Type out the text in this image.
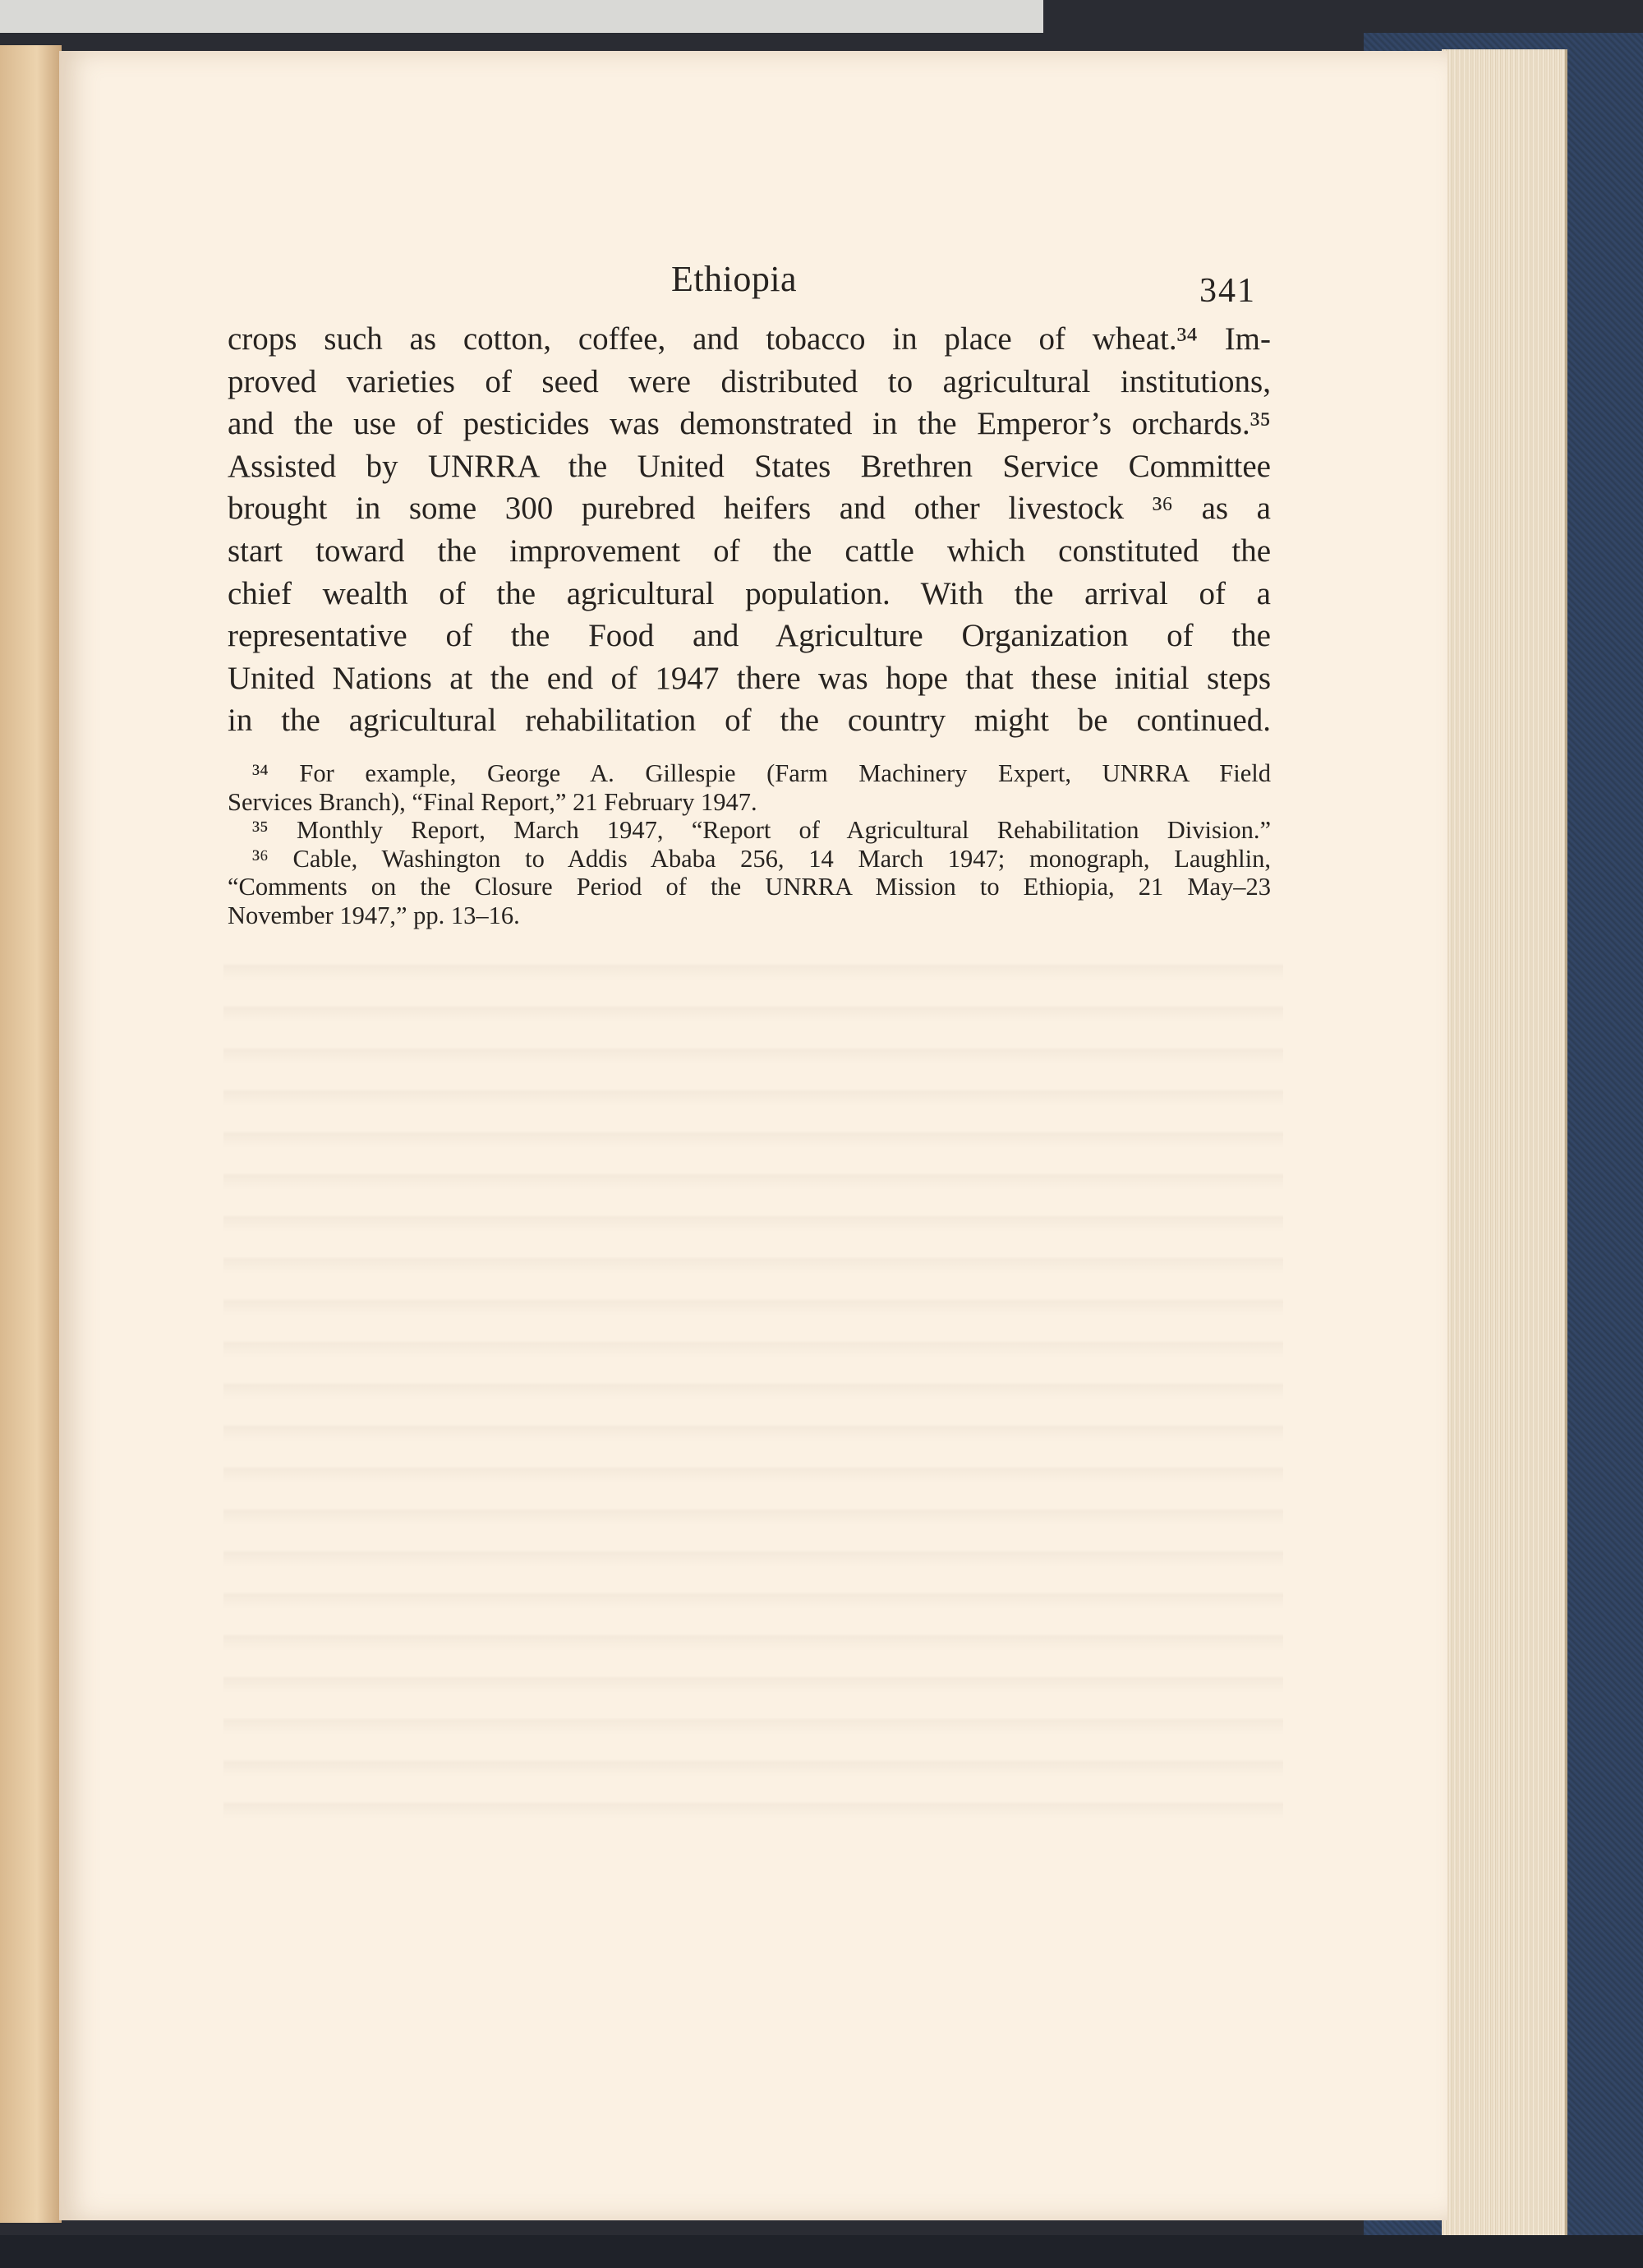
Ethiopia	341

crops such as cotton, coffee, and tobacco in place of wheat.³⁴ Im-
proved varieties of seed were distributed to agricultural institutions,
and the use of pesticides was demonstrated in the Emperor’s orchards.³⁵
Assisted by UNRRA the United States Brethren Service Committee
brought in some 300 purebred heifers and other livestock ³⁶ as a
start toward the improvement of the cattle which constituted the
chief wealth of the agricultural population. With the arrival of a
representative of the Food and Agriculture Organization of the
United Nations at the end of 1947 there was hope that these initial steps
in the agricultural rehabilitation of the country might be continued.
³⁴ For example, George A. Gillespie (Farm Machinery Expert, UNRRA Field
Services Branch), “Final Report,” 21 February 1947.
³⁵ Monthly Report, March 1947, “Report of Agricultural Rehabilitation Division.”
³⁶ Cable, Washington to Addis Ababa 256, 14 March 1947; monograph, Laughlin,
“Comments on the Closure Period of the UNRRA Mission to Ethiopia, 21 May–23
November 1947,” pp. 13–16.
